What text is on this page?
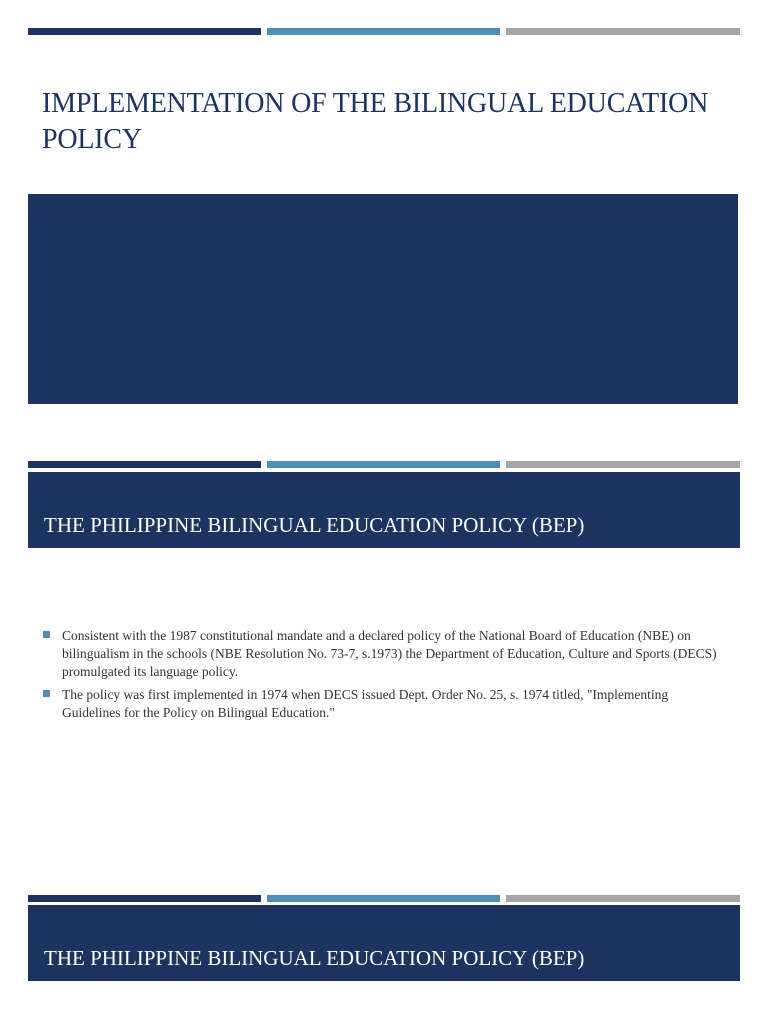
IMPLEMENTATION OF THE BILINGUAL EDUCATION POLICY
THE PHILIPPINE BILINGUAL EDUCATION POLICY (BEP)
Consistent with the 1987 constitutional mandate and a declared policy of the National Board of Education (NBE) on bilingualism in the schools (NBE Resolution No. 73-7, s.1973) the Department of Education, Culture and Sports (DECS) promulgated its language policy.
The policy was first implemented in 1974 when DECS issued Dept. Order No. 25, s. 1974 titled, "Implementing Guidelines for the Policy on Bilingual Education."
THE PHILIPPINE BILINGUAL EDUCATION POLICY (BEP)
